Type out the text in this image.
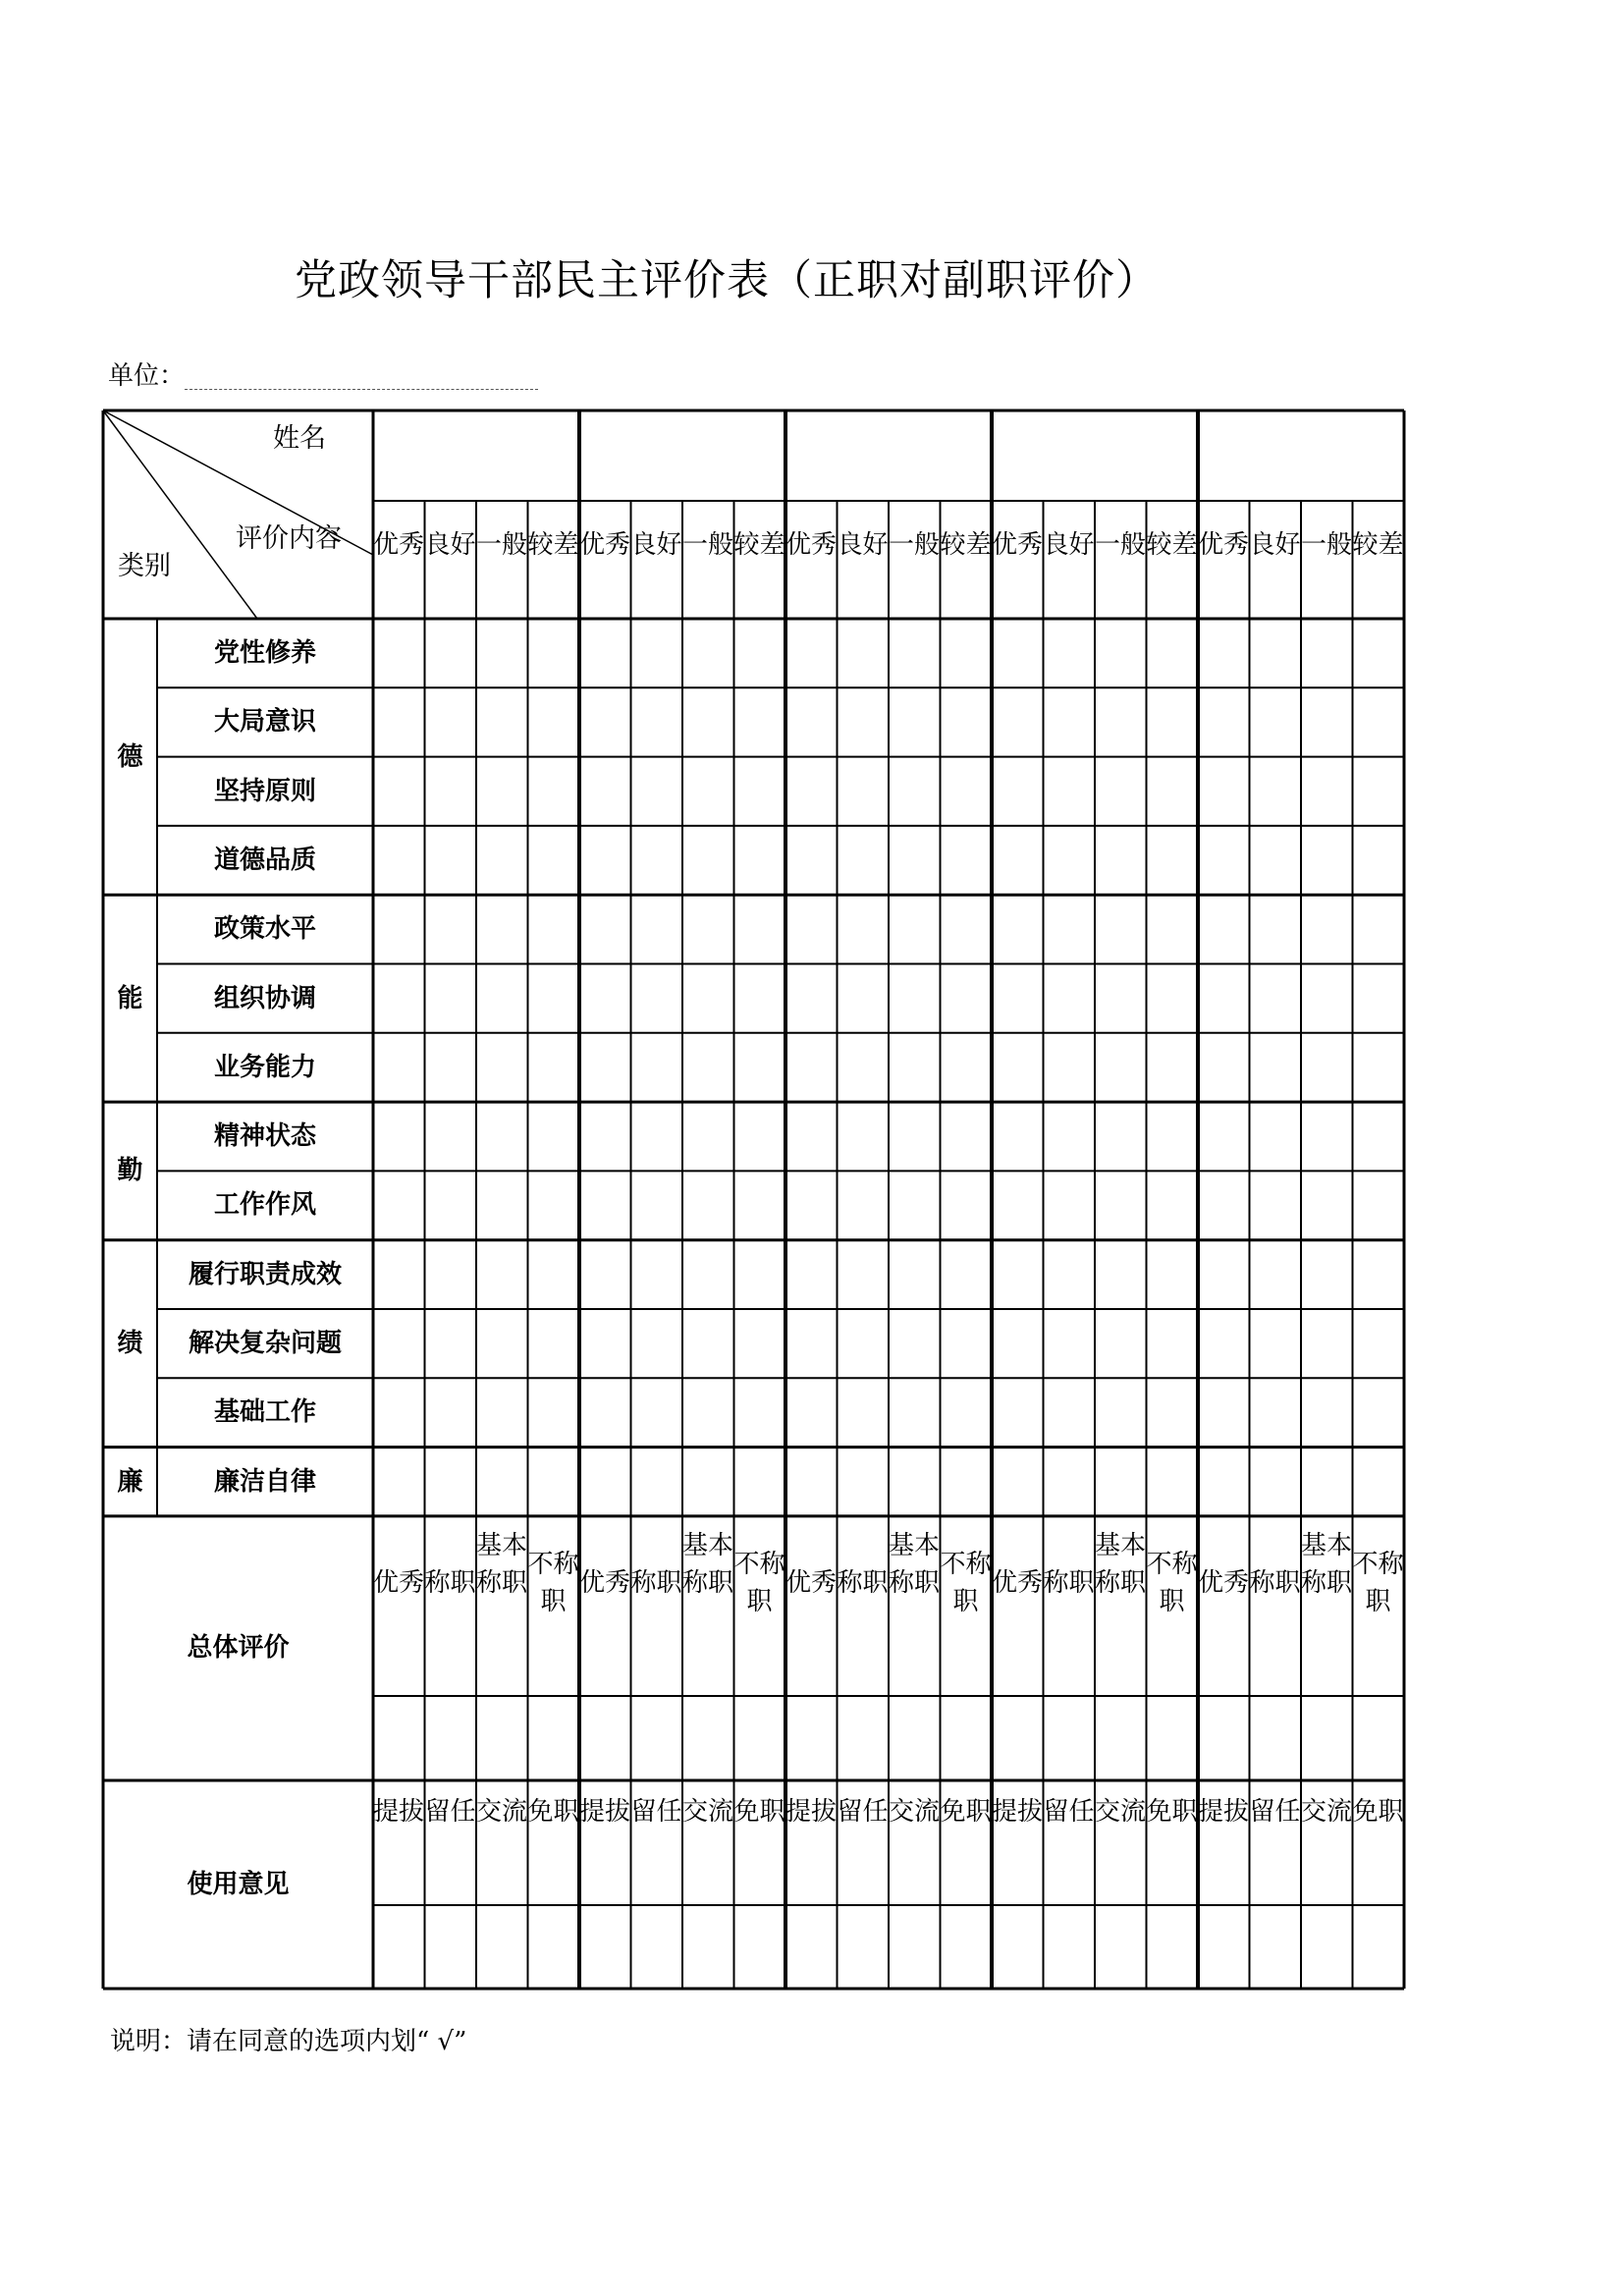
党政领导干部民主评价表（正职对副职评价）
单位：
姓名
评价内容
类别
优秀 良好 一般 较差 优秀 良好 一般 较差 优秀 良好 一般 较差 优秀 良好 一般 较差 优秀 良好 一般 较差
党性修养
大局意识
坚持原则
道德品质
德
政策水平
组织协调
业务能力
能
精神状态
工作作风
勤
履行职责成效
解决复杂问题
基础工作
绩
廉洁自律
廉
总体评价
优秀 称职
基本称职
不称职
优秀 称职
基本称职
不称职
优秀 称职
基本称职
不称职
优秀 称职
基本称职
不称职
优秀 称职
基本称职
不称职
使用意见
提拔 留任 交流 免职 提拔 留任 交流 免职 提拔 留任 交流 免职 提拔 留任 交流 免职 提拔 留任 交流 免职
说明：请在同意的选项内划“ √”
